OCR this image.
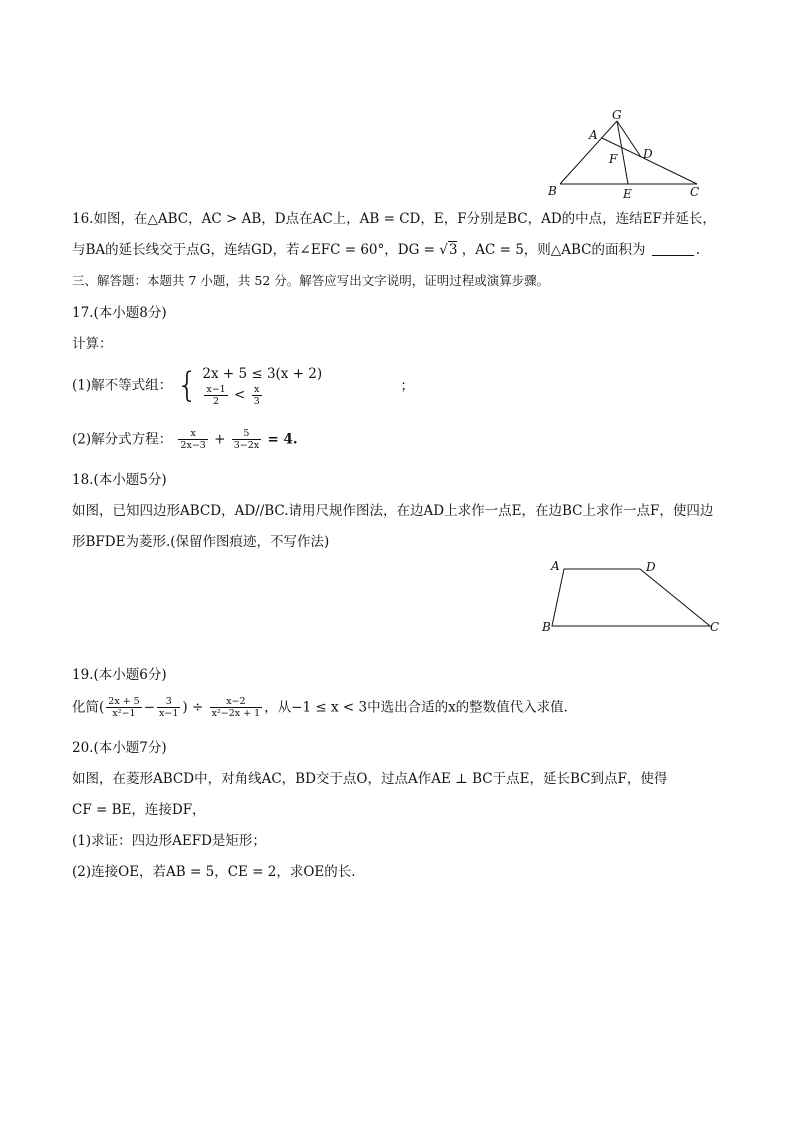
G
A
D
F
B	E	C
16.如图，在△ABC，AC > AB，D点在AC上，AB = CD，E，F分别是BC，AD的中点，连结EF并延长，
与BA的延长线交于点G，连结GD，若∠EFC = 60°，DG = √3 ，AC = 5，则△ABC的面积为	.
三、解答题：本题共 7 小题，共 52 分。解答应写出文字说明，证明过程或演算步骤。
17.(本小题8分)
计算：
(1)解不等式组： { 2x + 5 ≤ 3(x + 2)
$\frac{x-1}{2} < \frac{x}{3}$	；
(2)解分式方程： $\frac{x}{2x-3} + \frac{5}{3-2x} = 4$.
18.(本小题5分)
如图，已知四边形ABCD，AD//BC.请用尺规作图法，在边AD上求作一点E，在边BC上求作一点F，使四边
形BFDE为菱形.(保留作图痕迹，不写作法)
A	D
B	C
19.(本小题6分)
化简( $\frac{2x + 5}{\text{x²−1}} - \frac{3}{x-1}$ ) ÷ $\frac{x-2}{\text{x²−2x + 1}}$ ，从−1 ≤ x < 3中选出合适的x的整数值代入求值.
20.(本小题7分)
如图，在菱形ABCD中，对角线AC，BD交于点O，过点A作AE ⊥ BC于点E，延长BC到点F，使得
CF = BE，连接DF，
(1)求证：四边形AEFD是矩形；
(2)连接OE，若AB = 5，CE = 2，求OE的长.
